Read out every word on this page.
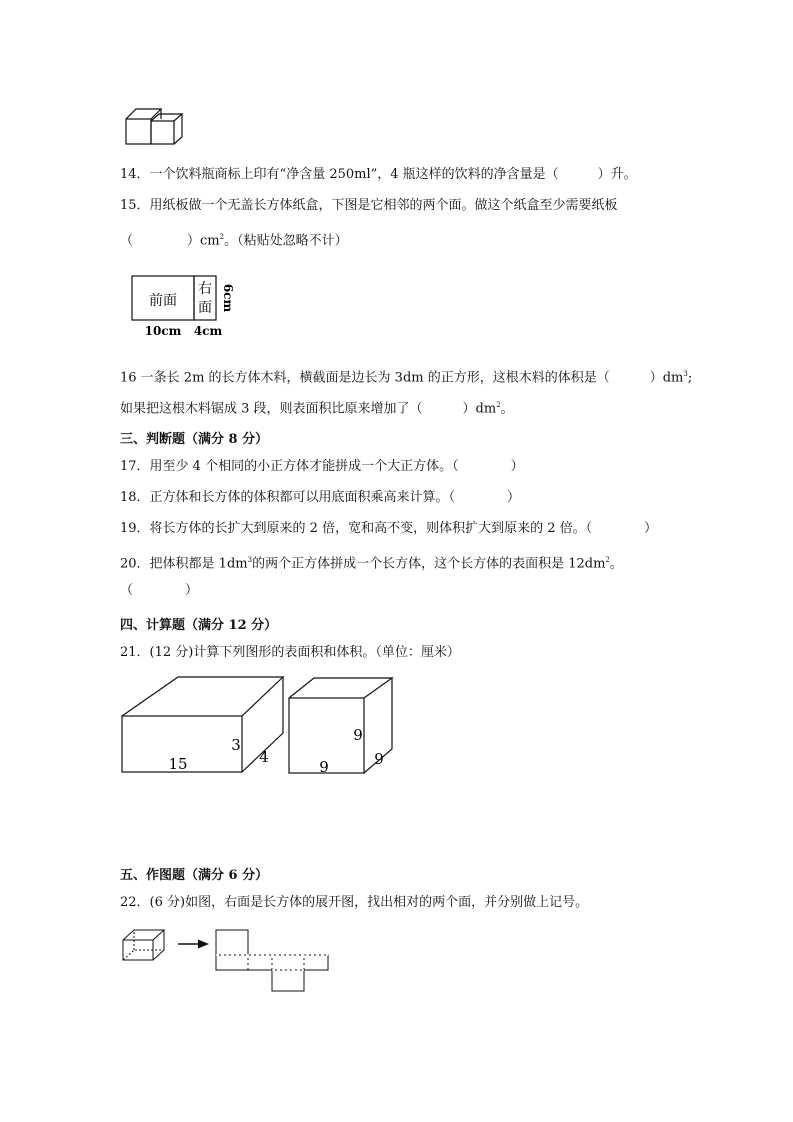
14．一个饮料瓶商标上印有“净含量 250ml”，4 瓶这样的饮料的净含量是（　　　）升。
15．用纸板做一个无盖长方体纸盒，下图是它相邻的两个面。做这个纸盒至少需要纸板
（	）$cm^2$。（粘贴处忽略不计）
前面
右
面
10cm 4cm
6cm
16 一条长 2m 的长方体木料，横截面是边长为 3dm 的正方形，这根木料的体积是（	）$dm^3$;
如果把这根木料锯成 3 段，则表面积比原来增加了（	）$dm^2$。
三、判断题（满分 8 分）
17．用至少 4 个相同的小正方体才能拼成一个大正方体。（　　　　）
18．正方体和长方体的体积都可以用底面积乘高来计算。（　　　　）
19．将长方体的长扩大到原来的 2 倍，宽和高不变，则体积扩大到原来的 2 倍。（　　　　）
20．把体积都是 $1dm^3$的两个正方体拼成一个长方体，这个长方体的表面积是 $12dm^2$。
（　　　　）
四、计算题（满分 12 分）
21．(12 分)计算下列图形的表面积和体积。（单位：厘米）
15
3
4
9
9	9
五、作图题（满分 6 分）
22．(6 分)如图，右面是长方体的展开图，找出相对的两个面，并分别做上记号。
